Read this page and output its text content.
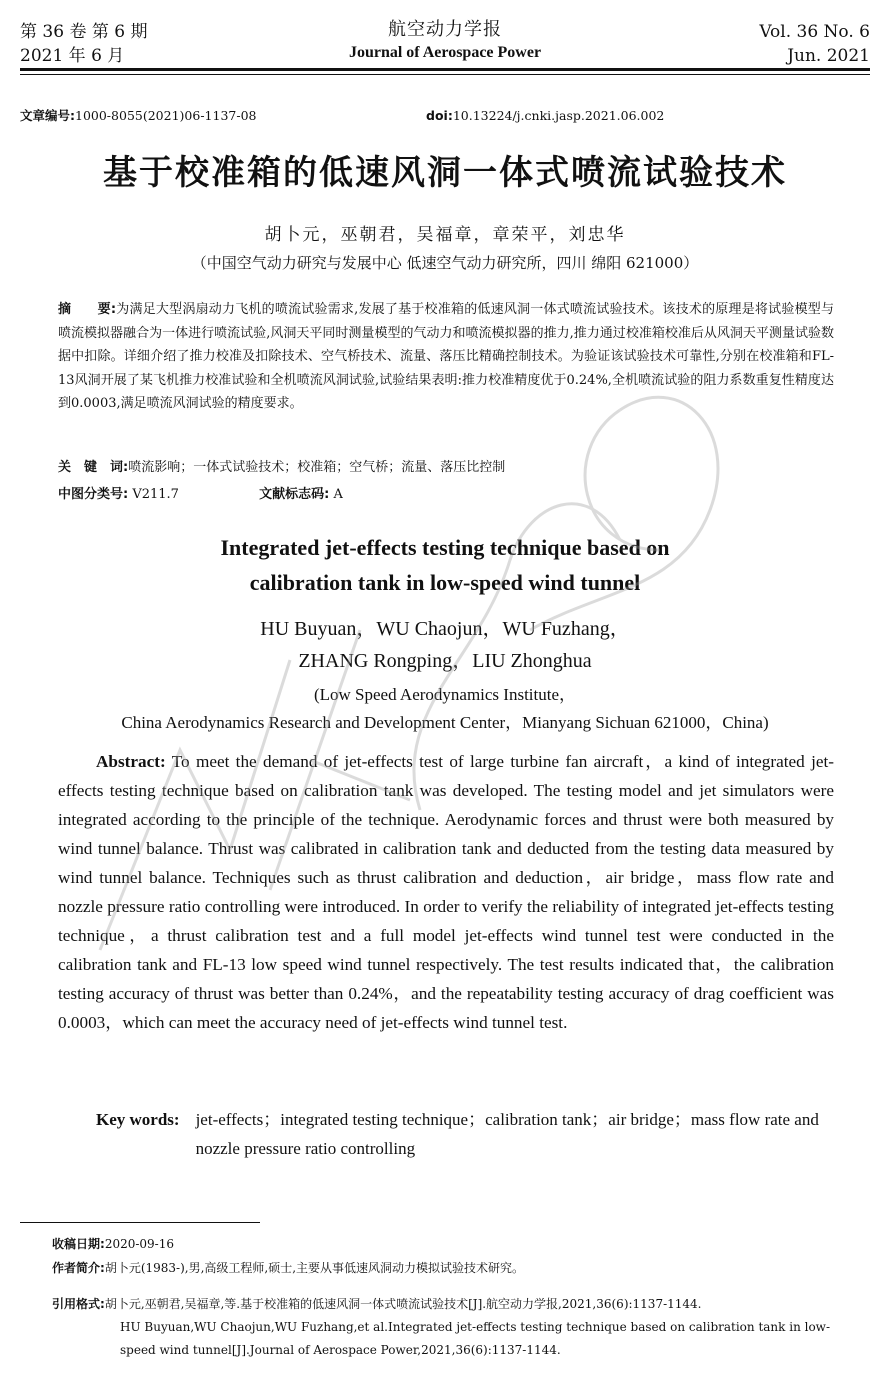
第 36 卷 第 6 期
2021 年 6 月
航空动力学报
Journal of Aerospace Power
Vol. 36 No. 6
Jun. 2021
文章编号:1000-8055(2021)06-1137-08	doi:10.13224/j.cnki.jasp.2021.06.002
基于校准箱的低速风洞一体式喷流试验技术
胡卜元，巫朝君，吴福章，章荣平，刘忠华
（中国空气动力研究与发展中心 低速空气动力研究所，四川 绵阳 621000）
摘　　要:为满足大型涡扇动力飞机的喷流试验需求,发展了基于校准箱的低速风洞一体式喷流试验技术。该技术的原理是将试验模型与喷流模拟器融合为一体进行喷流试验,风洞天平同时测量模型的气动力和喷流模拟器的推力,推力通过校准箱校准后从风洞天平测量试验数据中扣除。详细介绍了推力校准及扣除技术、空气桥技术、流量、落压比精确控制技术。为验证该试验技术可靠性,分别在校准箱和FL-13风洞开展了某飞机推力校准试验和全机喷流风洞试验,试验结果表明:推力校准精度优于0.24%,全机喷流试验的阻力系数重复性精度达到0.0003,满足喷流风洞试验的精度要求。
关　键　词:喷流影响；一体式试验技术；校准箱；空气桥；流量、落压比控制
中图分类号: V211.7	文献标志码: A
Integrated jet-effects testing technique based on
calibration tank in low-speed wind tunnel
HU Buyuan，WU Chaojun，WU Fuzhang，
ZHANG Rongping，LIU Zhonghua
(Low Speed Aerodynamics Institute，
China Aerodynamics Research and Development Center，Mianyang Sichuan 621000，China)
Abstract: To meet the demand of jet-effects test of large turbine fan aircraft，a kind of integrated jet-effects testing technique based on calibration tank was developed. The testing model and jet simulators were integrated according to the principle of the technique. Aerodynamic forces and thrust were both measured by wind tunnel balance. Thrust was calibrated in calibration tank and deducted from the testing data measured by wind tunnel balance. Techniques such as thrust calibration and deduction，air bridge，mass flow rate and nozzle pressure ratio controlling were introduced. In order to verify the reliability of integrated jet-effects testing technique，a thrust calibration test and a full model jet-effects wind tunnel test were conducted in the calibration tank and FL-13 low speed wind tunnel respectively. The test results indicated that，the calibration testing accuracy of thrust was better than 0.24%，and the repeatability testing accuracy of drag coefficient was 0.0003，which can meet the accuracy need of jet-effects wind tunnel test.
Key words: jet-effects；integrated testing technique；calibration tank；air bridge；mass flow rate and nozzle pressure ratio controlling
收稿日期:2020-09-16
作者简介:胡卜元(1983-),男,高级工程师,硕士,主要从事低速风洞动力模拟试验技术研究。
引用格式:胡卜元,巫朝君,吴福章,等.基于校准箱的低速风洞一体式喷流试验技术[J].航空动力学报,2021,36(6):1137-1144.
HU Buyuan,WU Chaojun,WU Fuzhang,et al.Integrated jet-effects testing technique based on calibration tank in low-
speed wind tunnel[J].Journal of Aerospace Power,2021,36(6):1137-1144.
